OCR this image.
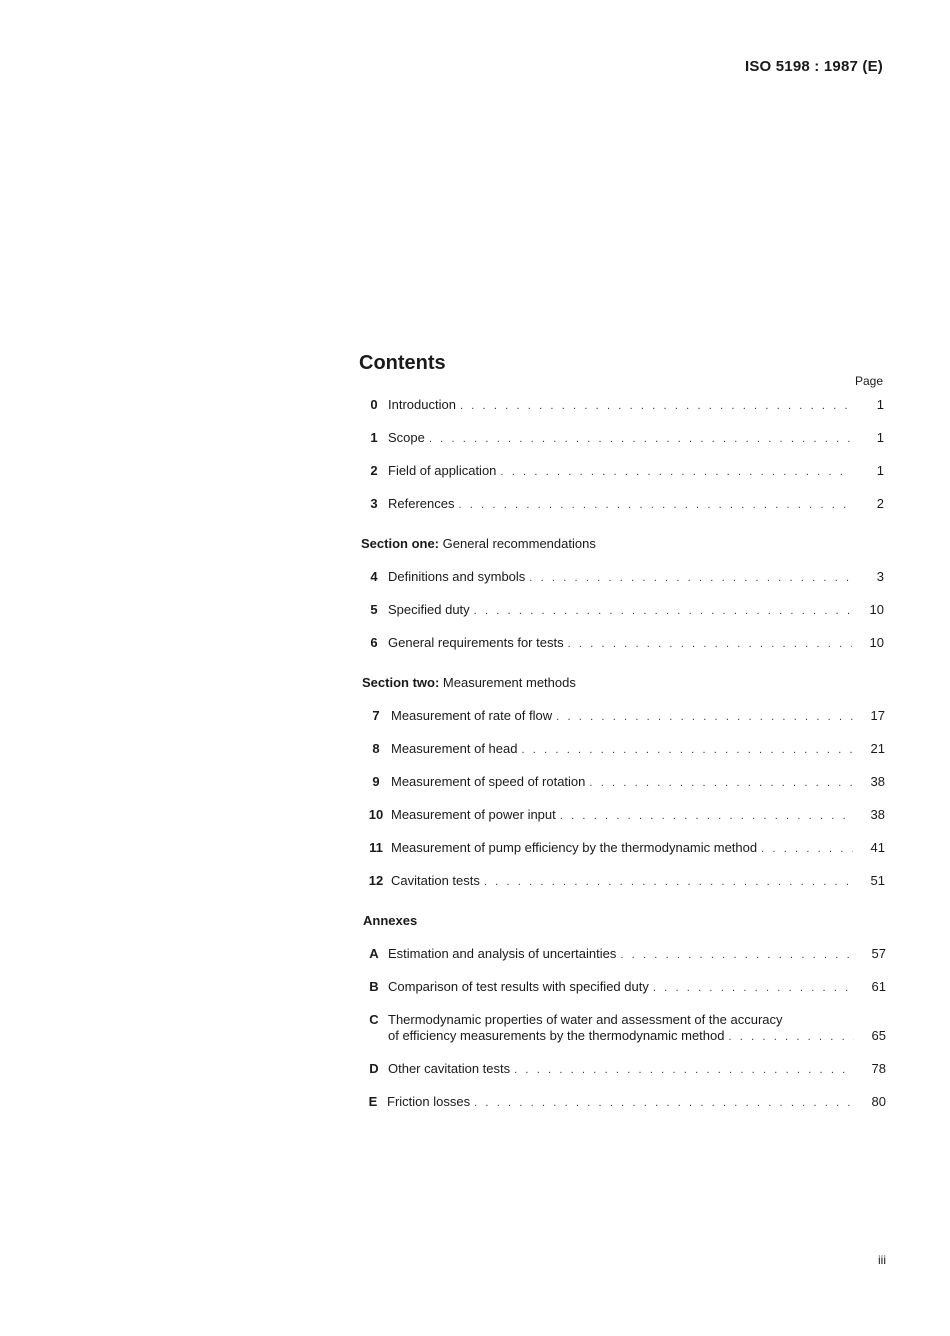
ISO 5198 : 1987 (E)
Contents
Page
0 Introduction . . .	1
1 Scope . . .	1
2 Field of application . . .	1
3 References . . .	2
Section one: General recommendations
4 Definitions and symbols . . .	3
5 Specified duty . . .	10
6 General requirements for tests . . .	10
Section two: Measurement methods
7 Measurement of rate of flow . . .	17
8 Measurement of head . . .	21
9 Measurement of speed of rotation . . .	38
10 Measurement of power input . . .	38
11 Measurement of pump efficiency by the thermodynamic method . . .	41
12 Cavitation tests . . .	51
Annexes
A Estimation and analysis of uncertainties . . .	57
B Comparison of test results with specified duty . . .	61
C Thermodynamic properties of water and assessment of the accuracy
of efficiency measurements by the thermodynamic method . . .	65
D Other cavitation tests . . .	78
E Friction losses . . .	80
iii
